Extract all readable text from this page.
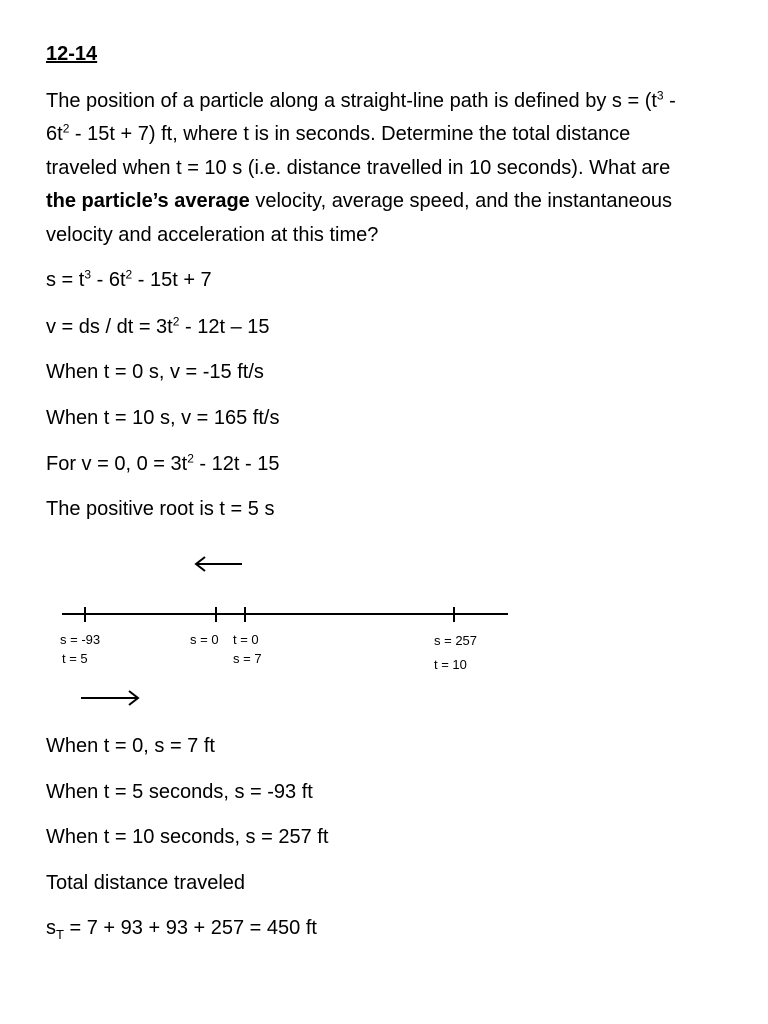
12-14
The position of a particle along a straight-line path is defined by $s = (t^3$ -
$6t^2 - 15t + 7$) ft, where t is in seconds. Determine the total distance
traveled when t = 10 s (i.e. distance travelled in 10 seconds). What are
the particle’s average velocity, average speed, and the instantaneous
velocity and acceleration at this time?
$s = t^3 - 6t^2 - 15t + 7$
v = ds / dt = $3t^2 - 12t - 15$
When t = 0 s, v = -15 ft/s
When t = 10 s, v = 165 ft/s
For v = 0, $0 = 3t^2 - 12t - 15$
The positive root is t = 5 s
s = -93
t = 5
s = 0 t = 0
s = 7
s = 257
t = 10
When t = 0, s = 7 ft
When t = 5 seconds, s = -93 ft
When t = 10 seconds, s = 257 ft
Total distance traveled
$s_T = 7 + 93 + 93 + 257 = 450$ ft
